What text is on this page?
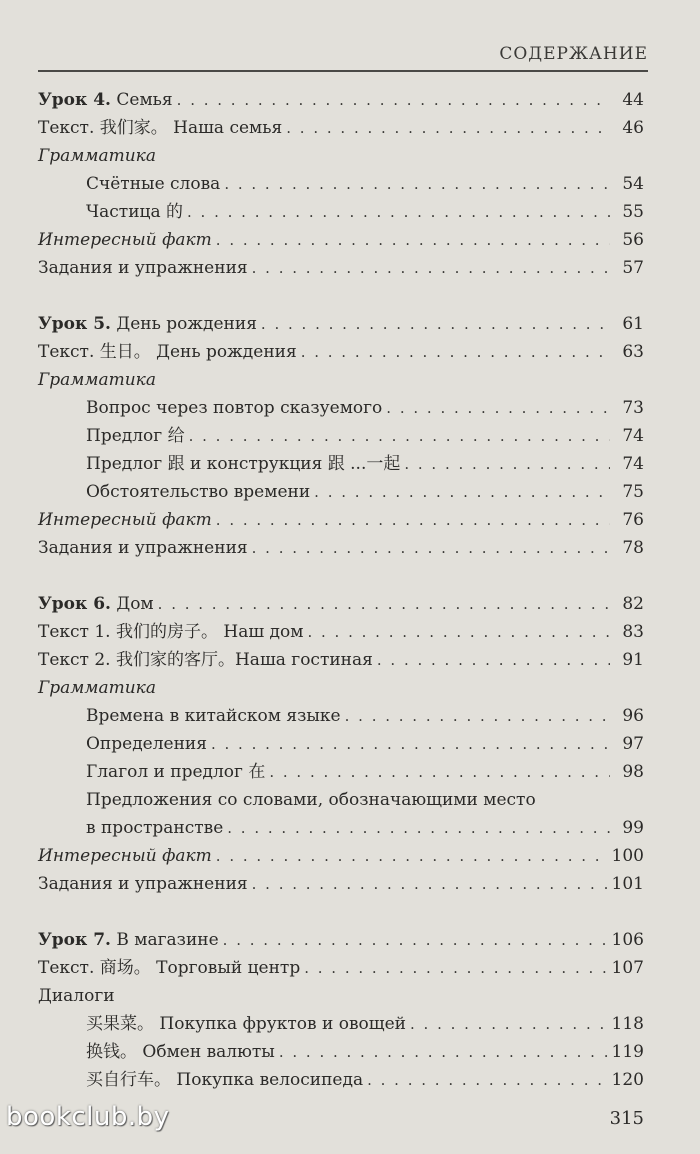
СОДЕРЖАНИЕ
Урок 4. Семья . . .	44
Текст. 我们家。 Наша семья . . .	46
Грамматика
Счётные слова . . .	54
Частица 的 . . .	55
Интересный факт . . .	56
Задания и упражнения . . .	57
Урок 5. День рождения . . .	61
Текст. 生日。 День рождения . . .	63
Грамматика
Вопрос через повтор сказуемого . . .	73
Предлог 给 . . .	74
Предлог 跟 и конструкция 跟 ...一起 . . .	74
Обстоятельство времени . . .	75
Интересный факт . . .	76
Задания и упражнения . . .	78
Урок 6. Дом . . .	82
Текст 1. 我们的房子。 Наш дом . . .	83
Текст 2. 我们家的客厅。Наша гостиная . . .	91
Грамматика
Времена в китайском языке . . .	96
Определения . . .	97
Глагол и предлог 在 . . .	98
Предложения со словами, обозначающими место
в пространстве . . .	99
Интересный факт . . .	100
Задания и упражнения . . .	101
Урок 7. В магазине . . .	106
Текст. 商场。 Торговый центр . . .	107
Диалоги
买果菜。 Покупка фруктов и овощей . . .	118
换钱。 Обмен валюты . . .	119
买自行车。 Покупка велосипеда . . .	120
bookclub.by	315
